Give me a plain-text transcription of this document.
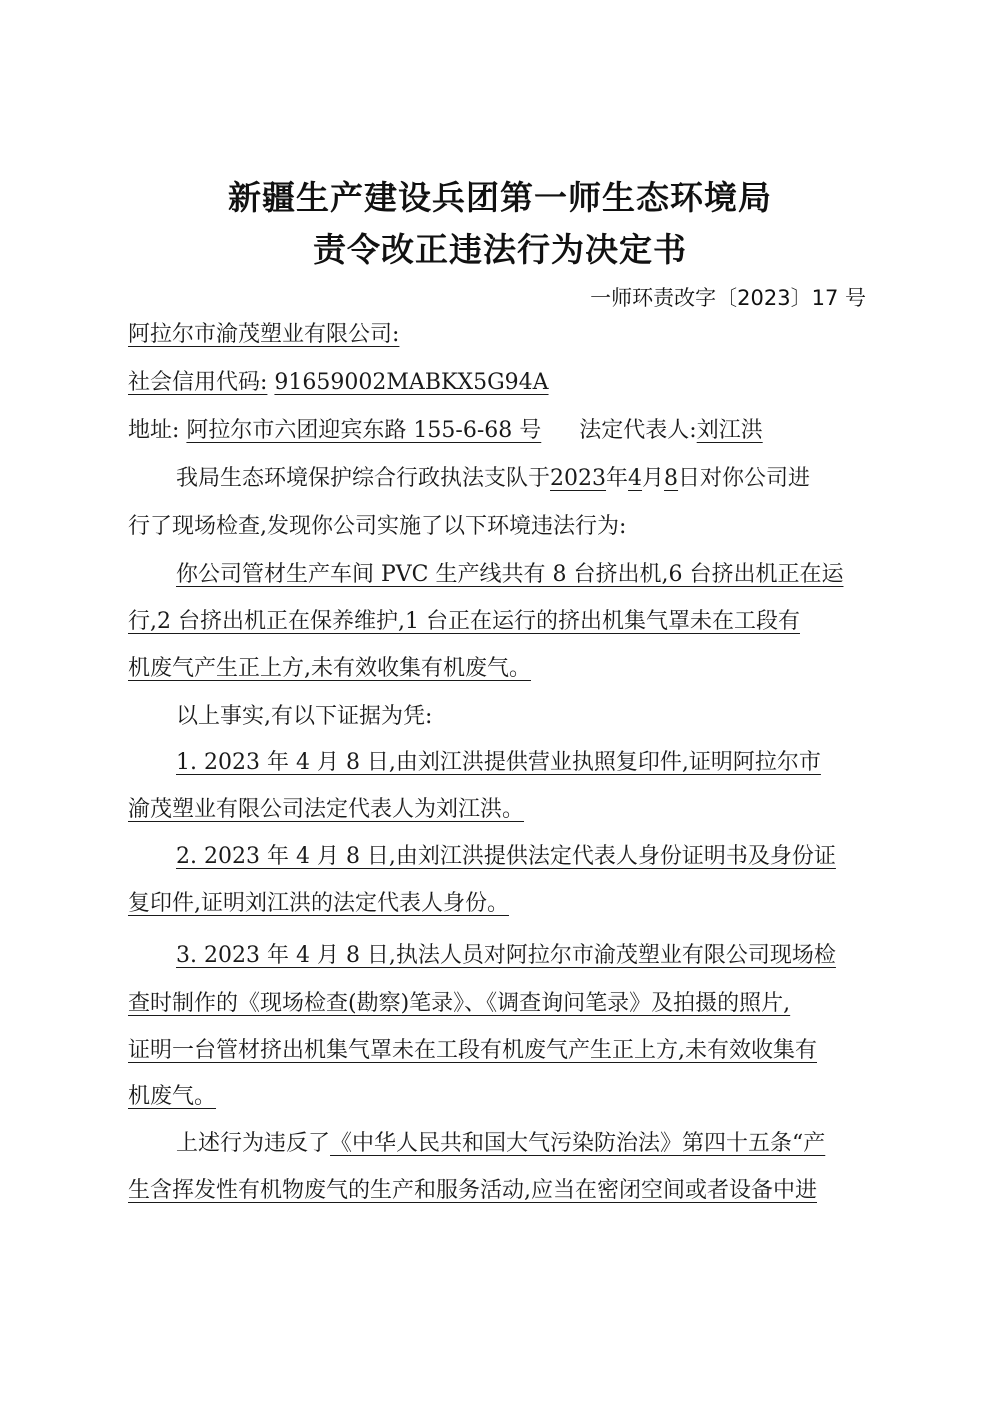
新疆生产建设兵团第一师生态环境局
责令改正违法行为决定书
一师环责改字〔2023〕17 号
阿拉尔市渝茂塑业有限公司:
社会信用代码: 91659002MABKX5G94A
地址: 阿拉尔市六团迎宾东路 155-6-68 号 法定代表人:刘江洪
我局生态环境保护综合行政执法支队于2023年4月8日对你公司进
行了现场检查,发现你公司实施了以下环境违法行为:
你公司管材生产车间 PVC 生产线共有 8 台挤出机,6 台挤出机正在运
行,2 台挤出机正在保养维护,1 台正在运行的挤出机集气罩未在工段有
机废气产生正上方,未有效收集有机废气。
以上事实,有以下证据为凭:
1. 2023 年 4 月 8 日,由刘江洪提供营业执照复印件,证明阿拉尔市
渝茂塑业有限公司法定代表人为刘江洪。
2. 2023 年 4 月 8 日,由刘江洪提供法定代表人身份证明书及身份证
复印件,证明刘江洪的法定代表人身份。
3. 2023 年 4 月 8 日,执法人员对阿拉尔市渝茂塑业有限公司现场检
查时制作的《现场检查(勘察)笔录》、《调查询问笔录》及拍摄的照片,
证明一台管材挤出机集气罩未在工段有机废气产生正上方,未有效收集有
机废气。
上述行为违反了《中华人民共和国大气污染防治法》第四十五条“产
生含挥发性有机物废气的生产和服务活动,应当在密闭空间或者设备中进
